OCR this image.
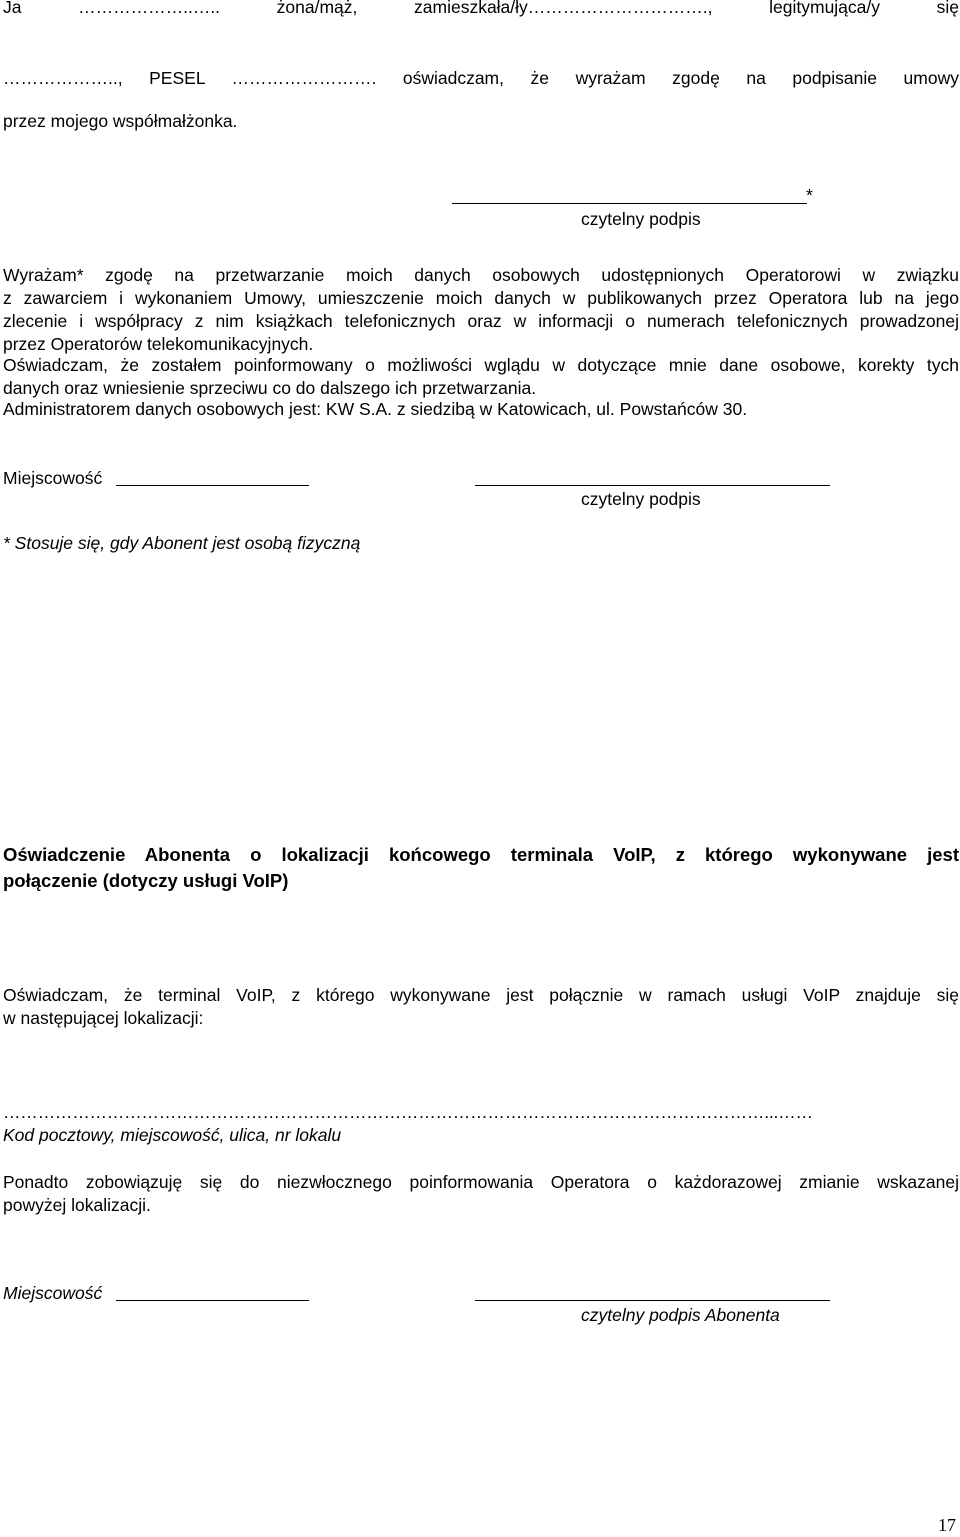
Ja ………………..….. żona/mąż, zamieszkała/ły…………………………., legitymująca/y się
……………….., PESEL ……………………. oświadczam, że wyrażam zgodę na podpisanie umowy
przez mojego współmałżonka.
*
czytelny podpis
Wyrażam* zgodę na przetwarzanie moich danych osobowych udostępnionych Operatorowi w związku
z zawarciem i wykonaniem Umowy, umieszczenie moich danych w publikowanych przez Operatora lub na jego
zlecenie i współpracy z nim książkach telefonicznych oraz w informacji o numerach telefonicznych prowadzonej
przez Operatorów telekomunikacyjnych.
Oświadczam, że zostałem poinformowany o możliwości wglądu w dotyczące mnie dane osobowe, korekty tych
danych oraz wniesienie sprzeciwu co do dalszego ich przetwarzania.
Administratorem danych osobowych jest: KW S.A. z siedzibą w Katowicach, ul. Powstańców 30.
Miejscowość
czytelny podpis
* Stosuje się, gdy Abonent jest osobą fizyczną
Oświadczenie Abonenta o lokalizacji końcowego terminala VoIP, z którego wykonywane jest
połączenie (dotyczy usługi VoIP)
Oświadczam, że terminal VoIP, z którego wykonywane jest połącznie w ramach usługi VoIP znajduje się
w następującej lokalizacji:
……………………………………………………………………………………………………………………...……
Kod pocztowy, miejscowość, ulica, nr lokalu
Ponadto zobowiązuję się do niezwłocznego poinformowania Operatora o każdorazowej zmianie wskazanej
powyżej lokalizacji.
Miejscowość
czytelny podpis Abonenta
17
